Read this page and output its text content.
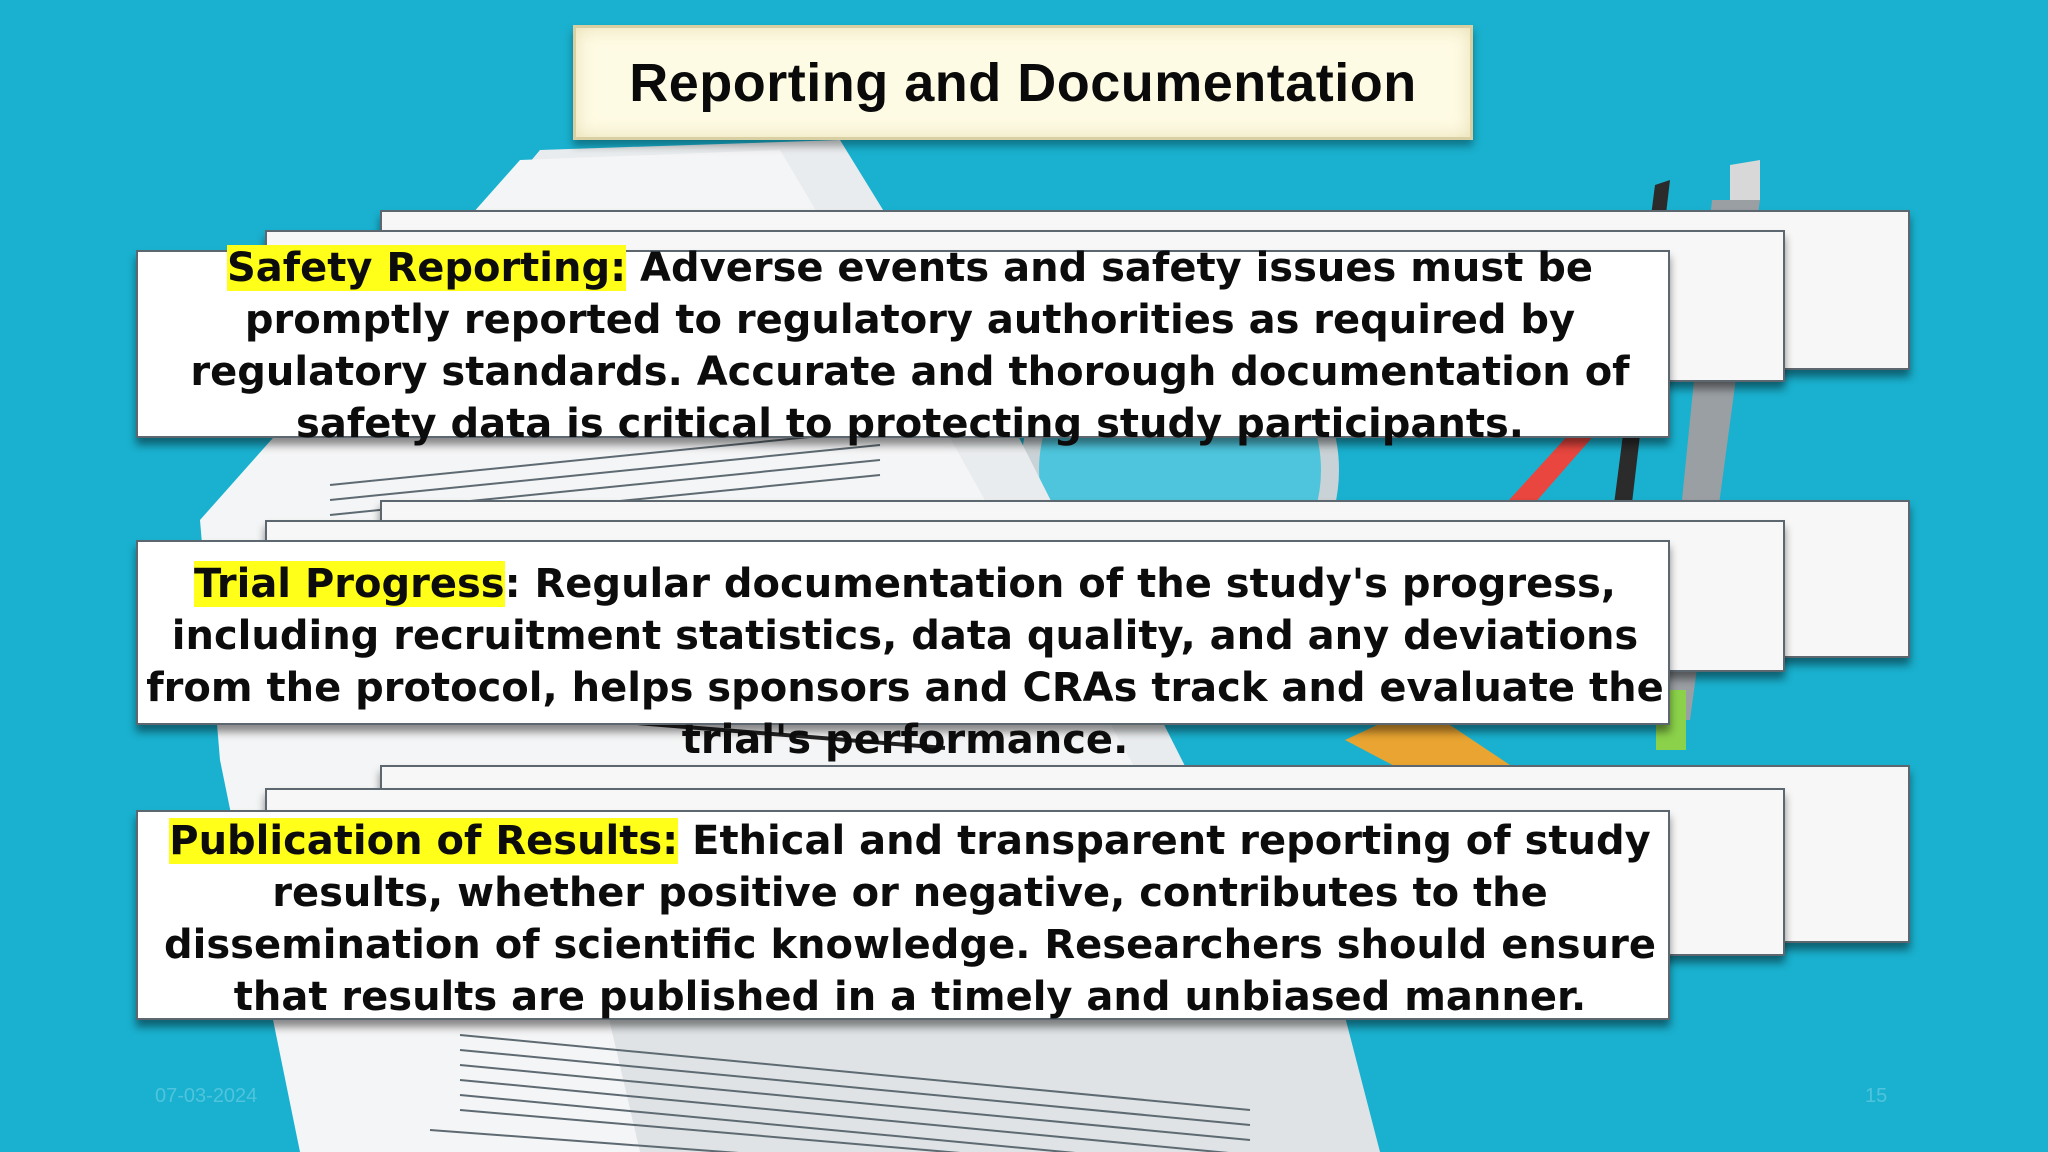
Reporting and Documentation
Safety Reporting: Adverse events and safety issues must be promptly reported to regulatory authorities as required by regulatory standards. Accurate and thorough documentation of safety data is critical to protecting study participants.
Trial Progress: Regular documentation of the study's progress, including recruitment statistics, data quality, and any deviations from the protocol, helps sponsors and CRAs track and evaluate the trial's performance.
Publication of Results: Ethical and transparent reporting of study results, whether positive or negative, contributes to the dissemination of scientific knowledge. Researchers should ensure that results are published in a timely and unbiased manner.
07-03-2024	15
